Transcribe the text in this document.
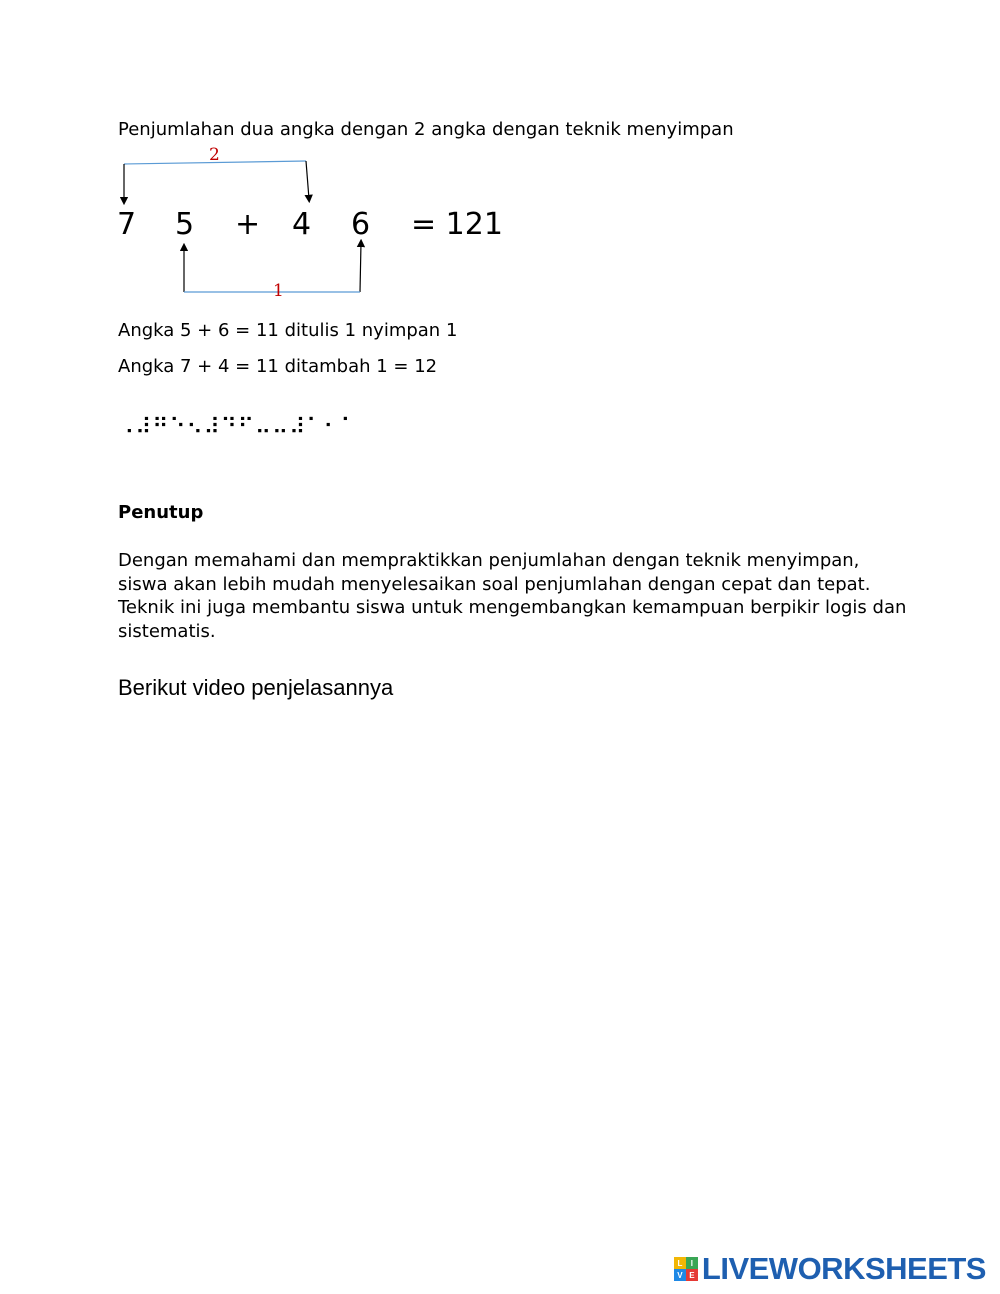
Penjumlahan dua angka dengan 2 angka dengan teknik menyimpan
2
7 5 + 4 6 = 121
1
Angka 5 + 6 = 11 ditulis 1 nyimpan 1
Angka 7 + 4 = 11 ditambah 1 = 12
⠠⠼⠛⠑⠢⠼⠙⠋⠤⠤⠼⠁⠂⠁
Penutup
Dengan memahami dan mempraktikkan penjumlahan dengan teknik menyimpan, siswa akan lebih mudah menyelesaikan soal penjumlahan dengan cepat dan tepat. Teknik ini juga membantu siswa untuk mengembangkan kemampuan berpikir logis dan sistematis.
Berikut video penjelasannya
L	I
V E LIVEWORKSHEETS
